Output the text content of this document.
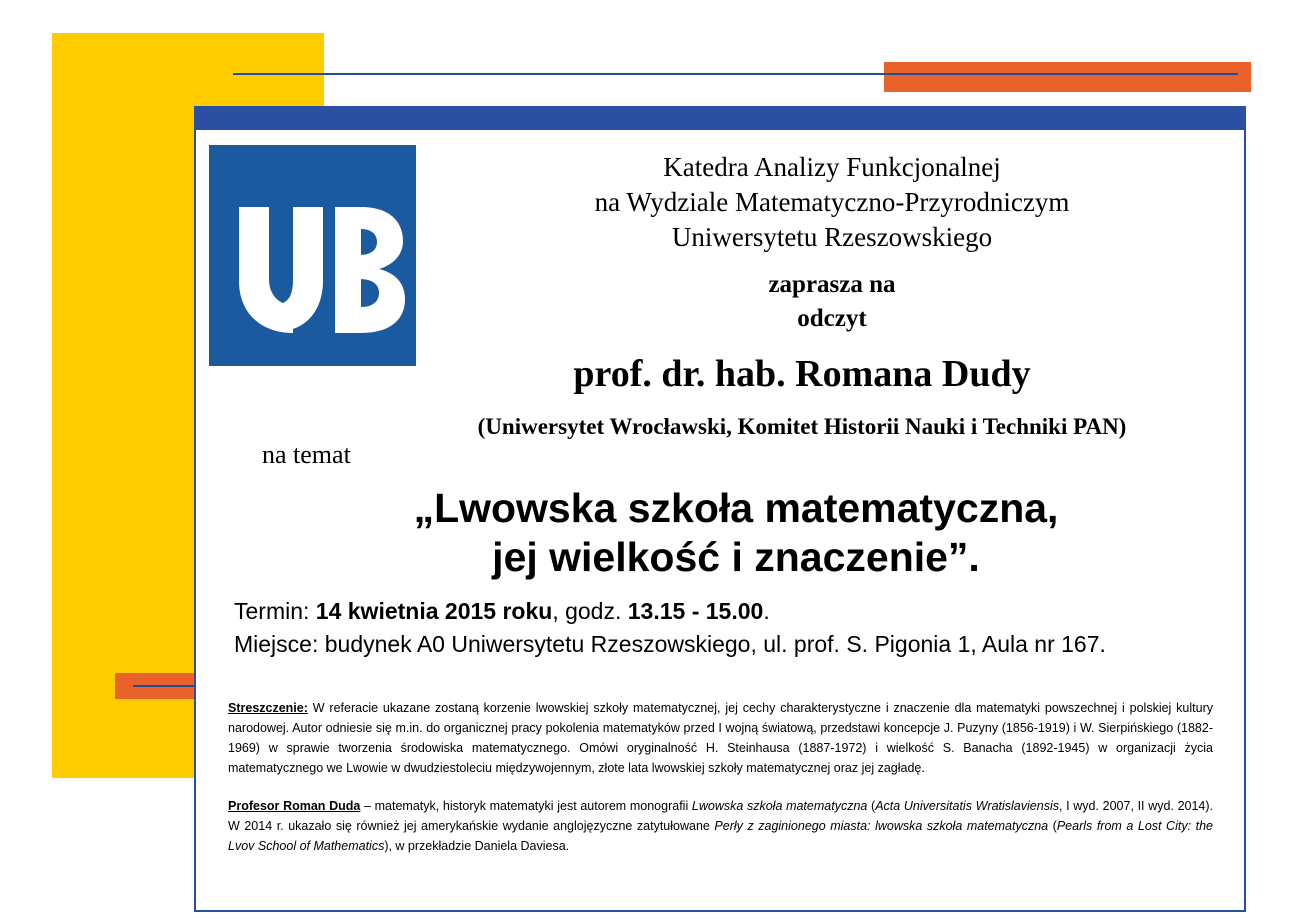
Katedra Analizy Funkcjonalnej
na Wydziale Matematyczno-Przyrodniczym
Uniwersytetu Rzeszowskiego
zaprasza na
odczyt
prof. dr. hab. Romana Dudy
(Uniwersytet Wrocławski, Komitet Historii Nauki i Techniki PAN)
na temat
„Lwowska szkoła matematyczna,
jej wielkość i znaczenie”.
Termin: 14 kwietnia 2015 roku, godz. 13.15 - 15.00.
Miejsce: budynek A0 Uniwersytetu Rzeszowskiego, ul. prof. S. Pigonia 1, Aula nr 167.

Streszczenie: W referacie ukazane zostaną korzenie lwowskiej szkoły matematycznej, jej cechy charakterystyczne i znaczenie dla matematyki powszechnej i polskiej kultury narodowej. Autor odniesie się m.in. do organicznej pracy pokolenia matematyków przed I wojną światową, przedstawi koncepcje J. Puzyny (1856-1919) i W. Sierpińskiego (1882-1969) w sprawie tworzenia środowiska matematycznego. Omówi oryginalność H. Steinhausa (1887-1972) i wielkość S. Banacha (1892-1945) w organizacji życia matematycznego we Lwowie w dwudziestoleciu międzywojennym, złote lata lwowskiej szkoły matematycznej oraz jej zagładę.

Profesor Roman Duda – matematyk, historyk matematyki jest autorem monografii Lwowska szkoła matematyczna (Acta Universitatis Wratislaviensis, I wyd. 2007, II wyd. 2014). W 2014 r. ukazało się również jej amerykańskie wydanie anglojęzyczne zatytułowane Perły z zaginionego miasta: lwowska szkoła matematyczna (Pearls from a Lost City: the Lvov School of Mathematics), w przekładzie Daniela Daviesa.
